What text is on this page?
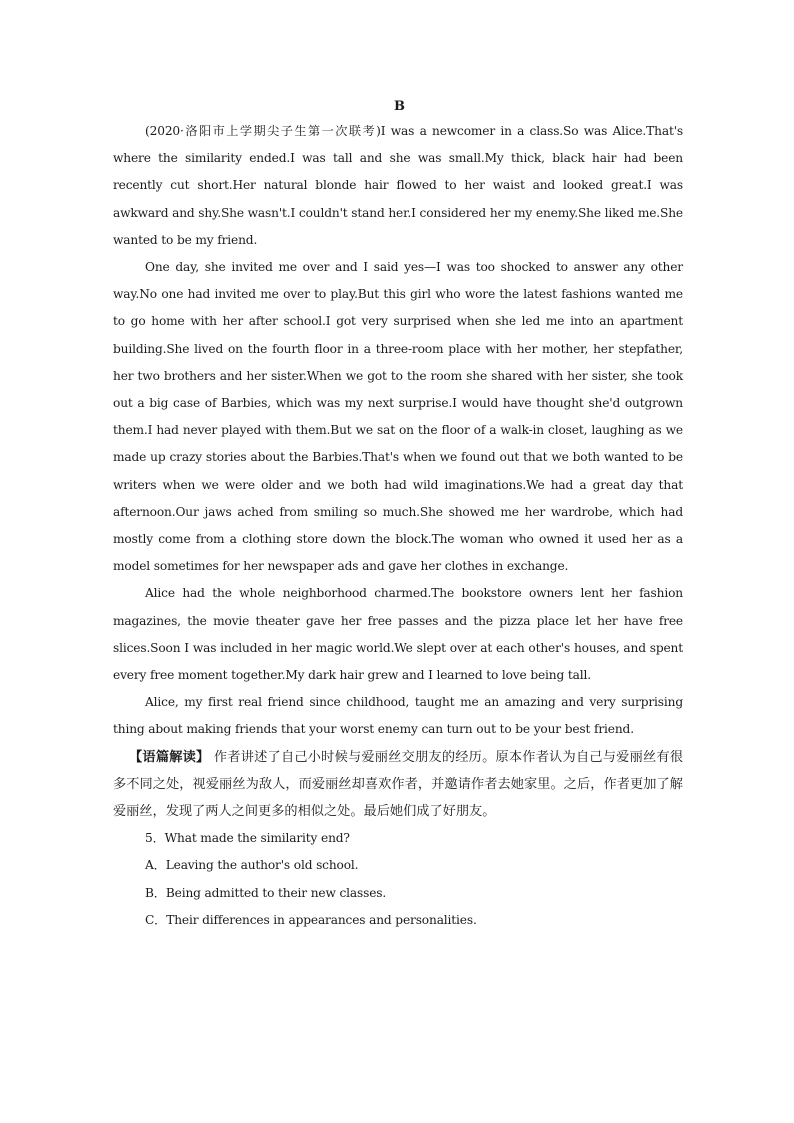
B

(2020·洛阳市上学期尖子生第一次联考)I was a newcomer in a class.So was Alice.That's where the similarity ended.I was tall and she was small.My thick, black hair had been recently cut short.Her natural blonde hair flowed to her waist and looked great.I was awkward and shy.She wasn't.I couldn't stand her.I considered her my enemy.She liked me.She wanted to be my friend.

One day, she invited me over and I said yes—I was too shocked to answer any other way.No one had invited me over to play.But this girl who wore the latest fashions wanted me to go home with her after school.I got very surprised when she led me into an apartment building.She lived on the fourth floor in a three-room place with her mother, her stepfather, her two brothers and her sister.When we got to the room she shared with her sister, she took out a big case of Barbies, which was my next surprise.I would have thought she'd outgrown them.I had never played with them.But we sat on the floor of a walk-in closet, laughing as we made up crazy stories about the Barbies.That's when we found out that we both wanted to be writers when we were older and we both had wild imaginations.We had a great day that afternoon.Our jaws ached from smiling so much.She showed me her wardrobe, which had mostly come from a clothing store down the block.The woman who owned it used her as a model sometimes for her newspaper ads and gave her clothes in exchange.

Alice had the whole neighborhood charmed.The bookstore owners lent her fashion magazines, the movie theater gave her free passes and the pizza place let her have free slices.Soon I was included in her magic world.We slept over at each other's houses, and spent every free moment together.My dark hair grew and I learned to love being tall.

Alice, my first real friend since childhood, taught me an amazing and very surprising thing about making friends that your worst enemy can turn out to be your best friend.

【语篇解读】 作者讲述了自己小时候与爱丽丝交朋友的经历。原本作者认为自己与爱丽丝有很多不同之处，视爱丽丝为敌人，而爱丽丝却喜欢作者，并邀请作者去她家里。之后，作者更加了解爱丽丝，发现了两人之间更多的相似之处。最后她们成了好朋友。

5．What made the similarity end?

A．Leaving the author's old school.

B．Being admitted to their new classes.

C．Their differences in appearances and personalities.
